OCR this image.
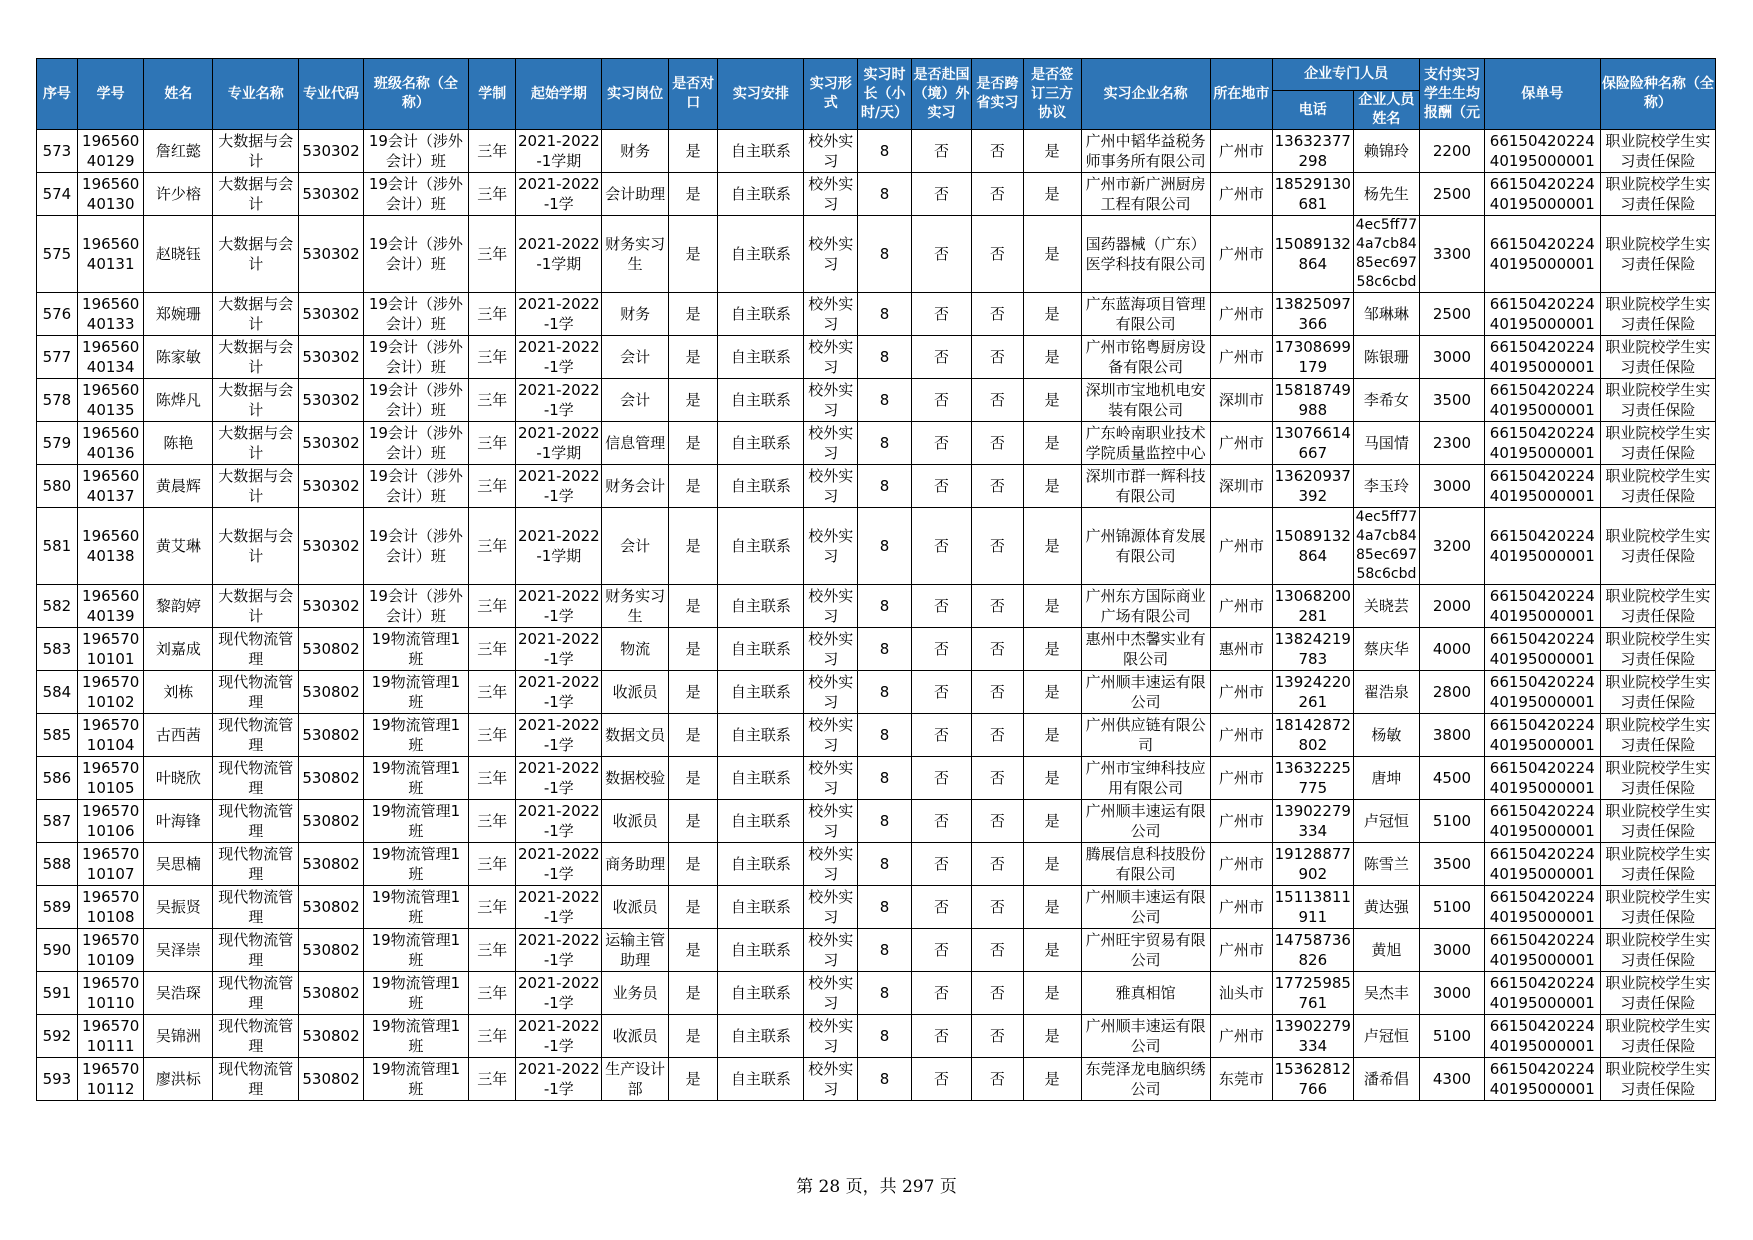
序号	学号	姓名	专业名称	专业代码	班级名称（全称）	学制	起始学期	实习岗位	是否对口	实习安排	实习形式	实习时长（小时/天）	是否赴国（境）外实习	是否跨省实习	是否签订三方协议	实习企业名称	所在地市	企业专门人员		支付实习学生生均报酬（元	保单号	保险险种名称（全称）
																		电话	企业人员姓名			
573	19656040129	詹红懿	大数据与会计	530302	19会计（涉外会计）班	三年	2021-2022-1学期	财务	是	自主联系	校外实习	8	否	否	是	广州中韬华益税务师事务所有限公司	广州市	13632377298	赖锦玲	2200	6615042022440195000001	职业院校学生实习责任保险
574	19656040130	许少榕	大数据与会计	530302	19会计（涉外会计）班	三年	2021-2022-1学	会计助理	是	自主联系	校外实习	8	否	否	是	广州市新广洲厨房工程有限公司	广州市	18529130681	杨先生	2500	6615042022440195000001	职业院校学生实习责任保险
575	19656040131	赵晓钰	大数据与会计	530302	19会计（涉外会计）班	三年	2021-2022-1学期	财务实习生	是	自主联系	校外实习	8	否	否	是	国药器械（广东）医学科技有限公司	广州市	15089132864	4ec5ff774a7cb8485ec69758c6cbd	3300	6615042022440195000001	职业院校学生实习责任保险
576	19656040133	郑婉珊	大数据与会计	530302	19会计（涉外会计）班	三年	2021-2022-1学	财务	是	自主联系	校外实习	8	否	否	是	广东蓝海项目管理有限公司	广州市	13825097366	邹琳琳	2500	6615042022440195000001	职业院校学生实习责任保险
577	19656040134	陈家敏	大数据与会计	530302	19会计（涉外会计）班	三年	2021-2022-1学	会计	是	自主联系	校外实习	8	否	否	是	广州市铭粤厨房设备有限公司	广州市	17308699179	陈银珊	3000	6615042022440195000001	职业院校学生实习责任保险
578	19656040135	陈烨凡	大数据与会计	530302	19会计（涉外会计）班	三年	2021-2022-1学	会计	是	自主联系	校外实习	8	否	否	是	深圳市宝地机电安装有限公司	深圳市	15818749988	李希女	3500	6615042022440195000001	职业院校学生实习责任保险
579	19656040136	陈艳	大数据与会计	530302	19会计（涉外会计）班	三年	2021-2022-1学期	信息管理	是	自主联系	校外实习	8	否	否	是	广东岭南职业技术学院质量监控中心	广州市	13076614667	马国情	2300	6615042022440195000001	职业院校学生实习责任保险
580	19656040137	黄晨辉	大数据与会计	530302	19会计（涉外会计）班	三年	2021-2022-1学	财务会计	是	自主联系	校外实习	8	否	否	是	深圳市群一辉科技有限公司	深圳市	13620937392	李玉玲	3000	6615042022440195000001	职业院校学生实习责任保险
581	19656040138	黄艾琳	大数据与会计	530302	19会计（涉外会计）班	三年	2021-2022-1学期	会计	是	自主联系	校外实习	8	否	否	是	广州锦源体育发展有限公司	广州市	15089132864	4ec5ff774a7cb8485ec69758c6cbd	3200	6615042022440195000001	职业院校学生实习责任保险
582	19656040139	黎韵婷	大数据与会计	530302	19会计（涉外会计）班	三年	2021-2022-1学	财务实习生	是	自主联系	校外实习	8	否	否	是	广州东方国际商业广场有限公司	广州市	13068200281	关晓芸	2000	6615042022440195000001	职业院校学生实习责任保险
583	19657010101	刘嘉成	现代物流管理	530802	19物流管理1班	三年	2021-2022-1学	物流	是	自主联系	校外实习	8	否	否	是	惠州中杰馨实业有限公司	惠州市	13824219783	蔡庆华	4000	6615042022440195000001	职业院校学生实习责任保险
584	19657010102	刘栋	现代物流管理	530802	19物流管理1班	三年	2021-2022-1学	收派员	是	自主联系	校外实习	8	否	否	是	广州顺丰速运有限公司	广州市	13924220261	翟浩泉	2800	6615042022440195000001	职业院校学生实习责任保险
585	19657010104	古西茜	现代物流管理	530802	19物流管理1班	三年	2021-2022-1学	数据文员	是	自主联系	校外实习	8	否	否	是	广州供应链有限公司	广州市	18142872802	杨敏	3800	6615042022440195000001	职业院校学生实习责任保险
586	19657010105	叶晓欣	现代物流管理	530802	19物流管理1班	三年	2021-2022-1学	数据校验	是	自主联系	校外实习	8	否	否	是	广州市宝绅科技应用有限公司	广州市	13632225775	唐坤	4500	6615042022440195000001	职业院校学生实习责任保险
587	19657010106	叶海锋	现代物流管理	530802	19物流管理1班	三年	2021-2022-1学	收派员	是	自主联系	校外实习	8	否	否	是	广州顺丰速运有限公司	广州市	13902279334	卢冠恒	5100	6615042022440195000001	职业院校学生实习责任保险
588	19657010107	吴思楠	现代物流管理	530802	19物流管理1班	三年	2021-2022-1学	商务助理	是	自主联系	校外实习	8	否	否	是	腾展信息科技股份有限公司	广州市	19128877902	陈雪兰	3500	6615042022440195000001	职业院校学生实习责任保险
589	19657010108	吴振贤	现代物流管理	530802	19物流管理1班	三年	2021-2022-1学	收派员	是	自主联系	校外实习	8	否	否	是	广州顺丰速运有限公司	广州市	15113811911	黄达强	5100	6615042022440195000001	职业院校学生实习责任保险
590	19657010109	吴泽崇	现代物流管理	530802	19物流管理1班	三年	2021-2022-1学	运输主管助理	是	自主联系	校外实习	8	否	否	是	广州旺宇贸易有限公司	广州市	14758736826	黄旭	3000	6615042022440195000001	职业院校学生实习责任保险
591	19657010110	吴浩琛	现代物流管理	530802	19物流管理1班	三年	2021-2022-1学	业务员	是	自主联系	校外实习	8	否	否	是	雅真相馆	汕头市	17725985761	吴杰丰	3000	6615042022440195000001	职业院校学生实习责任保险
592	19657010111	吴锦洲	现代物流管理	530802	19物流管理1班	三年	2021-2022-1学	收派员	是	自主联系	校外实习	8	否	否	是	广州顺丰速运有限公司	广州市	13902279334	卢冠恒	5100	6615042022440195000001	职业院校学生实习责任保险
593	19657010112	廖洪标	现代物流管理	530802	19物流管理1班	三年	2021-2022-1学	生产设计部	是	自主联系	校外实习	8	否	否	是	东莞泽龙电脑织绣公司	东莞市	15362812766	潘希倡	4300	6615042022440195000001	职业院校学生实习责任保险
第 28 页，共 297 页
